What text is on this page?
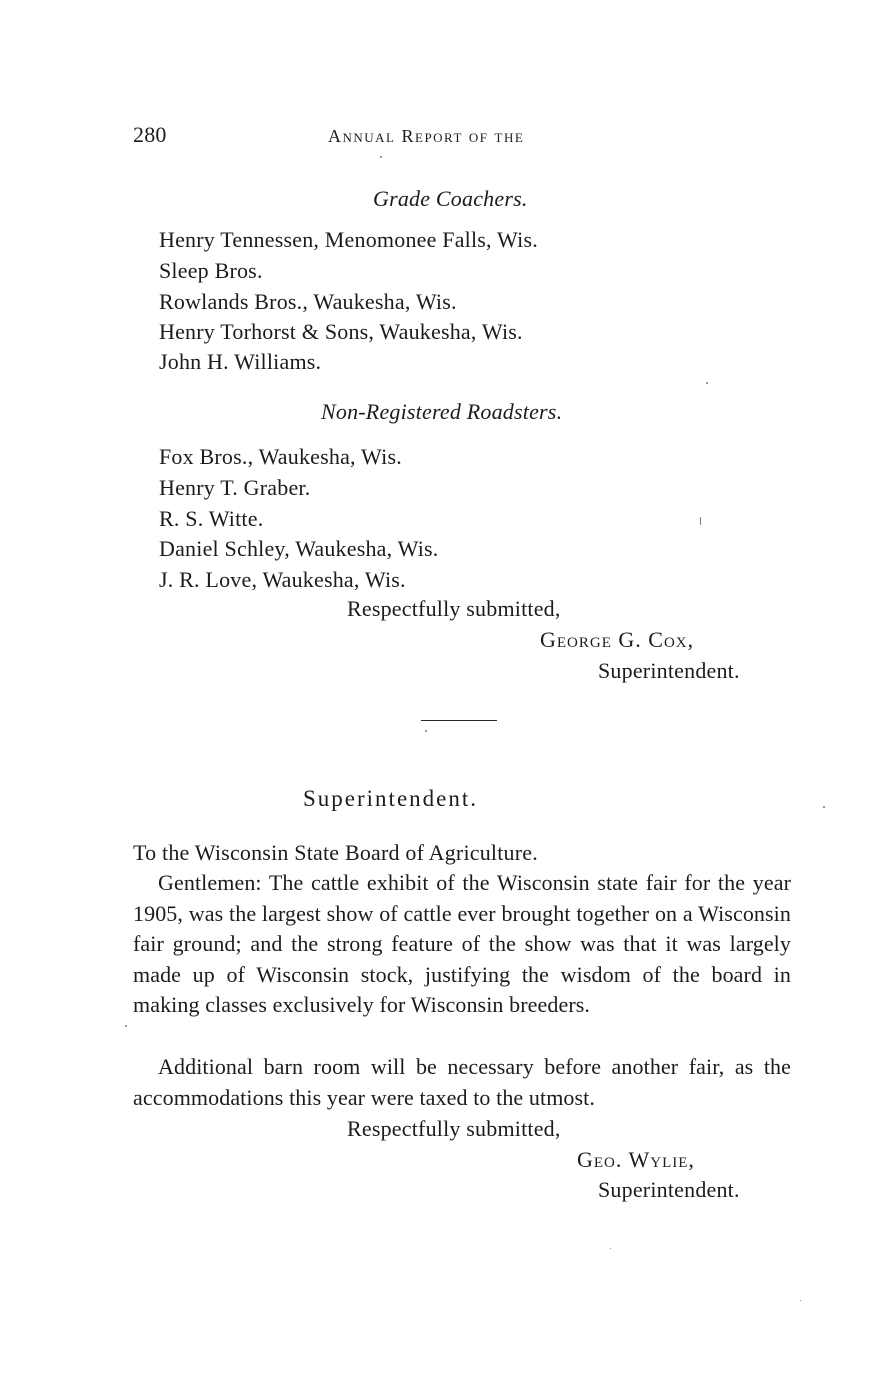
280	Annual Report of the
Grade Coachers.
Henry Tennessen, Menomonee Falls, Wis.
Sleep Bros.
Rowlands Bros., Waukesha, Wis.
Henry Torhorst & Sons, Waukesha, Wis.
John H. Williams.
Non-Registered Roadsters.
Fox Bros., Waukesha, Wis.
Henry T. Graber.
R. S. Witte.
Daniel Schley, Waukesha, Wis.
J. R. Love, Waukesha, Wis.
Respectfully submitted,
George G. Cox,
Superintendent.
Superintendent.
To the Wisconsin State Board of Agriculture.
Gentlemen: The cattle exhibit of the Wisconsin state fair for the year 1905, was the largest show of cattle ever brought together on a Wisconsin fair ground; and the strong feature of the show was that it was largely made up of Wisconsin stock, justifying the wisdom of the board in making classes exclusively for Wisconsin breeders.
Additional barn room will be necessary before another fair, as the accommodations this year were taxed to the utmost.
Respectfully submitted,
Geo. Wylie,
Superintendent.
